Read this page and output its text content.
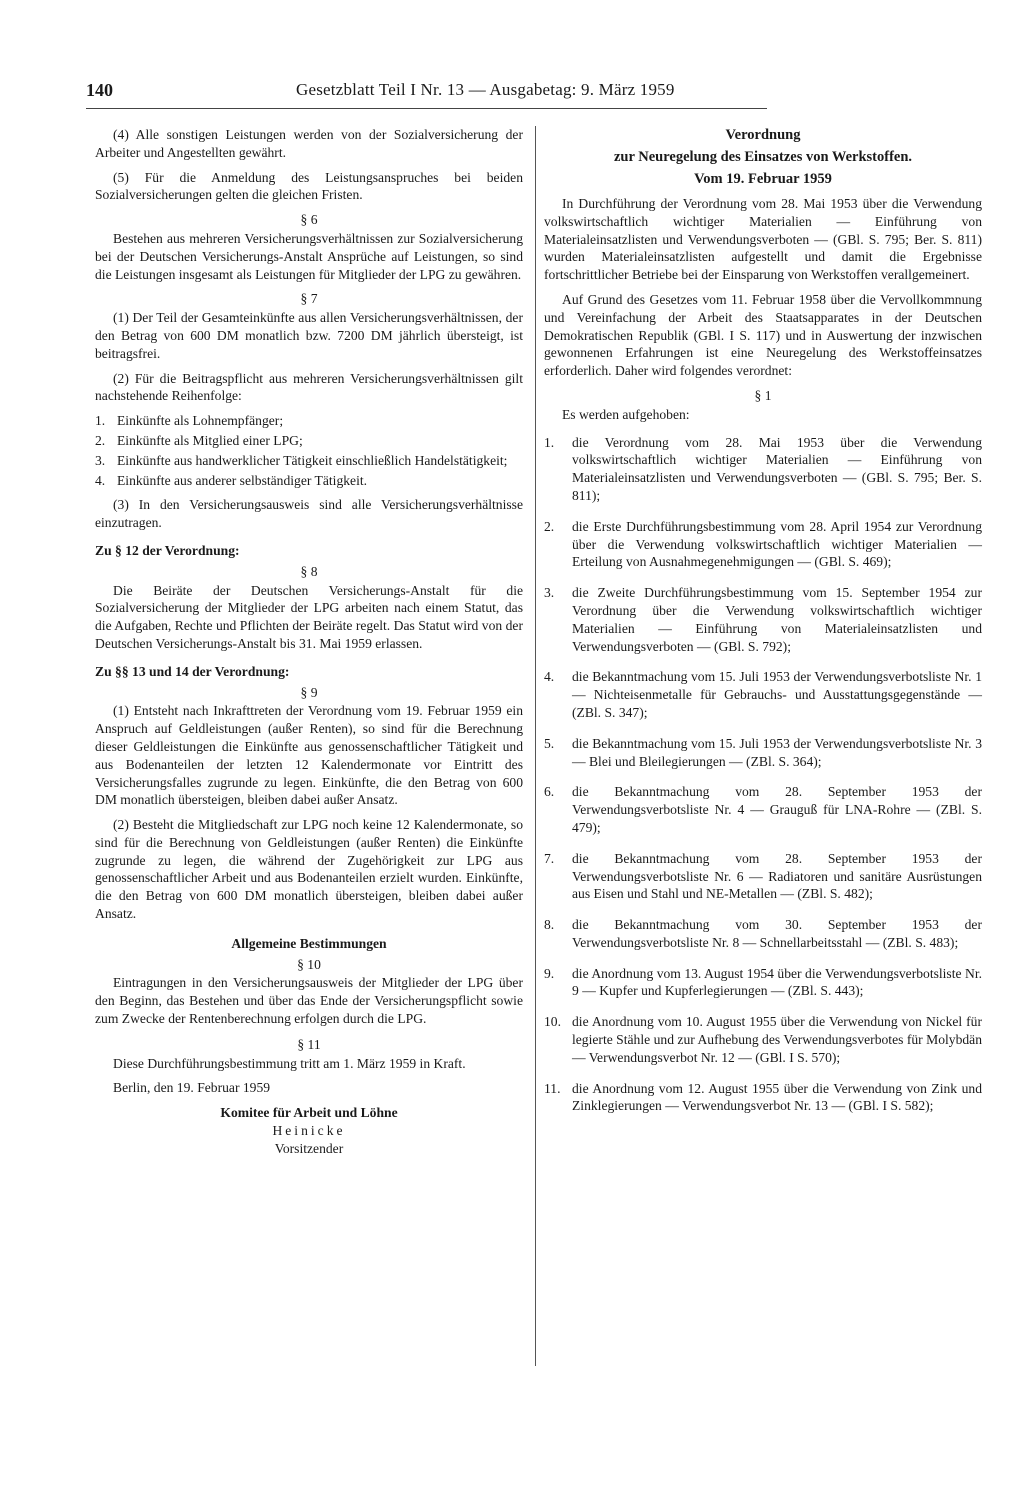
140	Gesetzblatt Teil I Nr. 13 — Ausgabetag: 9. März 1959

(4) Alle sonstigen Leistungen werden von der Sozialversicherung der Arbeiter und Angestellten gewährt.

(5) Für die Anmeldung des Leistungsanspruches bei beiden Sozialversicherungen gelten die gleichen Fristen.

§ 6

Bestehen aus mehreren Versicherungsverhältnissen zur Sozialversicherung bei der Deutschen Versicherungs-Anstalt Ansprüche auf Leistungen, so sind die Leistungen insgesamt als Leistungen für Mitglieder der LPG zu gewähren.

§ 7

(1) Der Teil der Gesamteinkünfte aus allen Versicherungsverhältnissen, der den Betrag von 600 DM monatlich bzw. 7200 DM jährlich übersteigt, ist beitragsfrei.

(2) Für die Beitragspflicht aus mehreren Versicherungsverhältnissen gilt nachstehende Reihenfolge:

1. Einkünfte als Lohnempfänger;
2. Einkünfte als Mitglied einer LPG;
3. Einkünfte aus handwerklicher Tätigkeit einschließlich Handelstätigkeit;
4. Einkünfte aus anderer selbständiger Tätigkeit.

(3) In den Versicherungsausweis sind alle Versicherungsverhältnisse einzutragen.

Zu § 12 der Verordnung:
§ 8

Die Beiräte der Deutschen Versicherungs-Anstalt für die Sozialversicherung der Mitglieder der LPG arbeiten nach einem Statut, das die Aufgaben, Rechte und Pflichten der Beiräte regelt. Das Statut wird von der Deutschen Versicherungs-Anstalt bis 31. Mai 1959 erlassen.

Zu §§ 13 und 14 der Verordnung:
§ 9

(1) Entsteht nach Inkrafttreten der Verordnung vom 19. Februar 1959 ein Anspruch auf Geldleistungen (außer Renten), so sind für die Berechnung dieser Geldleistungen die Einkünfte aus genossenschaftlicher Tätigkeit und aus Bodenanteilen der letzten 12 Kalendermonate vor Eintritt des Versicherungsfalles zugrunde zu legen. Einkünfte, die den Betrag von 600 DM monatlich übersteigen, bleiben dabei außer Ansatz.

(2) Besteht die Mitgliedschaft zur LPG noch keine 12 Kalendermonate, so sind für die Berechnung von Geldleistungen (außer Renten) die Einkünfte zugrunde zu legen, die während der Zugehörigkeit zur LPG aus genossenschaftlicher Arbeit und aus Bodenanteilen erzielt wurden. Einkünfte, die den Betrag von 600 DM monatlich übersteigen, bleiben dabei außer Ansatz.

Allgemeine Bestimmungen
§ 10

Eintragungen in den Versicherungsausweis der Mitglieder der LPG über den Beginn, das Bestehen und über das Ende der Versicherungspflicht sowie zum Zwecke der Rentenberechnung erfolgen durch die LPG.

§ 11

Diese Durchführungsbestimmung tritt am 1. März 1959 in Kraft.

Berlin, den 19. Februar 1959

Komitee für Arbeit und Löhne
Heinicke
Vorsitzender
Verordnung
zur Neuregelung des Einsatzes von Werkstoffen.
Vom 19. Februar 1959

In Durchführung der Verordnung vom 28. Mai 1953 über die Verwendung volkswirtschaftlich wichtiger Materialien — Einführung von Materialeinsatzlisten und Verwendungsverboten — (GBl. S. 795; Ber. S. 811) wurden Materialeinsatzlisten aufgestellt und damit die Ergebnisse fortschrittlicher Betriebe bei der Einsparung von Werkstoffen verallgemeinert.

Auf Grund des Gesetzes vom 11. Februar 1958 über die Vervollkommnung und Vereinfachung der Arbeit des Staatsapparates in der Deutschen Demokratischen Republik (GBl. I S. 117) und in Auswertung der inzwischen gewonnenen Erfahrungen ist eine Neuregelung des Werkstoffeinsatzes erforderlich. Daher wird folgendes verordnet:

§ 1

Es werden aufgehoben:

1.	die Verordnung vom 28. Mai 1953 über die Verwendung volkswirtschaftlich wichtiger Materialien — Einführung von Materialeinsatzlisten und Verwendungsverboten — (GBl. S. 795; Ber. S. 811);
2.	die Erste Durchführungsbestimmung vom 28. April 1954 zur Verordnung über die Verwendung volkswirtschaftlich wichtiger Materialien — Erteilung von Ausnahmegenehmigungen — (GBl. S. 469);
3.	die Zweite Durchführungsbestimmung vom 15. September 1954 zur Verordnung über die Verwendung volkswirtschaftlich wichtiger Materialien — Einführung von Materialeinsatzlisten und Verwendungsverboten — (GBl. S. 792);
4.	die Bekanntmachung vom 15. Juli 1953 der Verwendungsverbotsliste Nr. 1 — Nichteisenmetalle für Gebrauchs- und Ausstattungsgegenstände — (ZBl. S. 347);
5.	die Bekanntmachung vom 15. Juli 1953 der Verwendungsverbotsliste Nr. 3 — Blei und Bleilegierungen — (ZBl. S. 364);
6.	die Bekanntmachung vom 28. September 1953 der Verwendungsverbotsliste Nr. 4 — Grauguß für LNA-Rohre — (ZBl. S. 479);
7.	die Bekanntmachung vom 28. September 1953 der Verwendungsverbotsliste Nr. 6 — Radiatoren und sanitäre Ausrüstungen aus Eisen und Stahl und NE-Metallen — (ZBl. S. 482);
8.	die Bekanntmachung vom 30. September 1953 der Verwendungsverbotsliste Nr. 8 — Schnellarbeitsstahl — (ZBl. S. 483);
9.	die Anordnung vom 13. August 1954 über die Verwendungsverbotsliste Nr. 9 — Kupfer und Kupferlegierungen — (ZBl. S. 443);
10. die Anordnung vom 10. August 1955 über die Verwendung von Nickel für legierte Stähle und zur Aufhebung des Verwendungsverbotes für Molybdän — Verwendungsverbot Nr. 12 — (GBl. I S. 570);
11. die Anordnung vom 12. August 1955 über die Verwendung von Zink und Zinklegierungen — Verwendungsverbot Nr. 13 — (GBl. I S. 582);
